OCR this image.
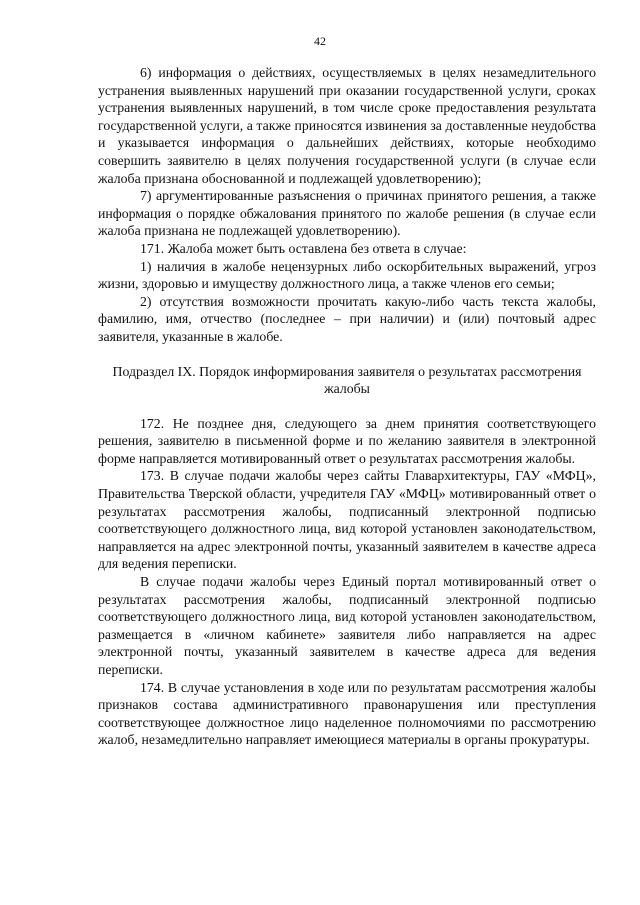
42

6) информация о действиях, осуществляемых в целях незамедлительного устранения выявленных нарушений при оказании государственной услуги, сроках устранения выявленных нарушений, в том числе сроке предоставления результата государственной услуги, а также приносятся извинения за доставленные неудобства и указывается информация о дальнейших действиях, которые необходимо совершить заявителю в целях получения государственной услуги (в случае если жалоба признана обоснованной и подлежащей удовлетворению);

7) аргументированные разъяснения о причинах принятого решения, а также информация о порядке обжалования принятого по жалобе решения (в случае если жалоба признана не подлежащей удовлетворению).

171. Жалоба может быть оставлена без ответа в случае:

1) наличия в жалобе нецензурных либо оскорбительных выражений, угроз жизни, здоровью и имуществу должностного лица, а также членов его семьи;

2) отсутствия возможности прочитать какую-либо часть текста жалобы, фамилию, имя, отчество (последнее – при наличии) и (или) почтовый адрес заявителя, указанные в жалобе.

Подраздел IX. Порядок информирования заявителя о результатах рассмотрения жалобы

172. Не позднее дня, следующего за днем принятия соответствующего решения, заявителю в письменной форме и по желанию заявителя в электронной форме направляется мотивированный ответ о результатах рассмотрения жалобы.

173. В случае подачи жалобы через сайты Главархитектуры, ГАУ «МФЦ», Правительства Тверской области, учредителя ГАУ «МФЦ» мотивированный ответ о результатах рассмотрения жалобы, подписанный электронной подписью соответствующего должностного лица, вид которой установлен законодательством, направляется на адрес электронной почты, указанный заявителем в качестве адреса для ведения переписки.

В случае подачи жалобы через Единый портал мотивированный ответ о результатах рассмотрения жалобы, подписанный электронной подписью соответствующего должностного лица, вид которой установлен законодательством, размещается в «личном кабинете» заявителя либо направляется на адрес электронной почты, указанный заявителем в качестве адреса для ведения переписки.

174. В случае установления в ходе или по результатам рассмотрения жалобы признаков состава административного правонарушения или преступления соответствующее должностное лицо наделенное полномочиями по рассмотрению жалоб, незамедлительно направляет имеющиеся материалы в органы прокуратуры.
